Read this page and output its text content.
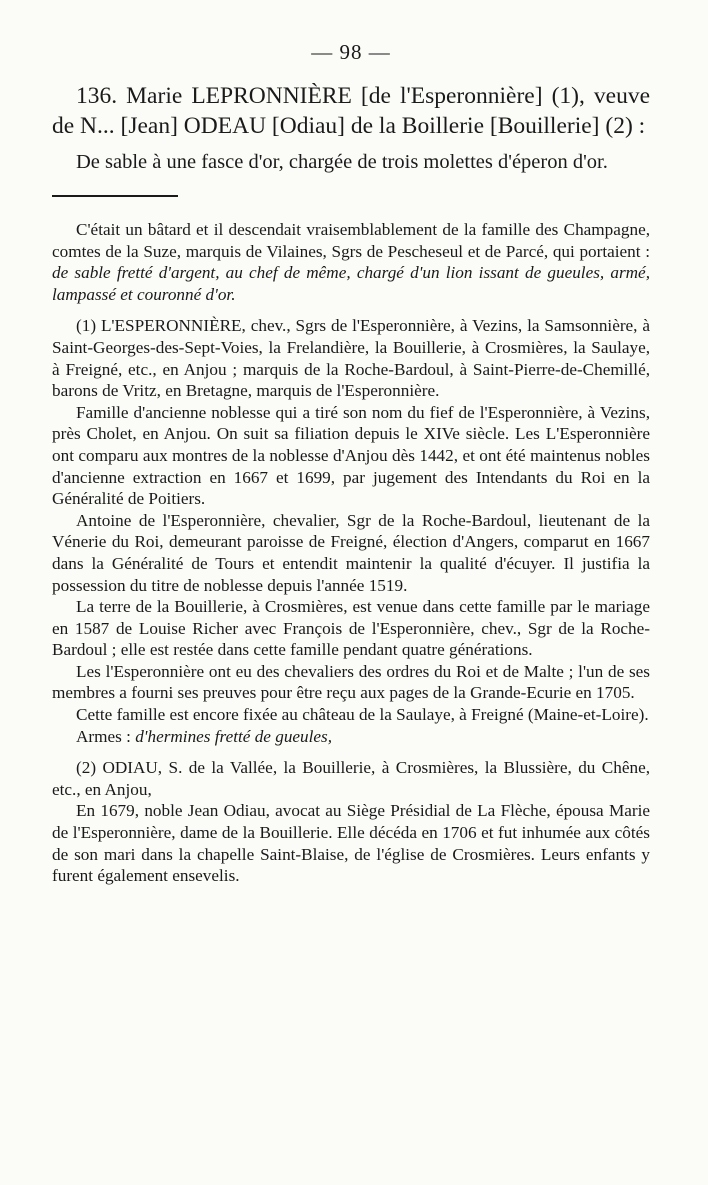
— 98 —

136. Marie LEPRONNIÈRE [de l'Esperonnière] (1), veuve de N... [Jean] ODEAU [Odiau] de la Boillerie [Bouillerie] (2) :

De sable à une fasce d'or, chargée de trois molettes d'éperon d'or.

C'était un bâtard et il descendait vraisemblablement de la famille des Champagne, comtes de la Suze, marquis de Vilaines, Sgrs de Pescheseul et de Parcé, qui portaient : de sable fretté d'argent, au chef de même, chargé d'un lion issant de gueules, armé, lampassé et couronné d'or.

(1) L'ESPERONNIÈRE, chev., Sgrs de l'Esperonnière, à Vezins, la Samsonnière, à Saint-Georges-des-Sept-Voies, la Frelandière, la Bouillerie, à Crosmières, la Saulaye, à Freigné, etc., en Anjou ; marquis de la Roche-Bardoul, à Saint-Pierre-de-Chemillé, barons de Vritz, en Bretagne, marquis de l'Esperonnière.

Famille d'ancienne noblesse qui a tiré son nom du fief de l'Esperonnière, à Vezins, près Cholet, en Anjou. On suit sa filiation depuis le XIVe siècle. Les L'Esperonnière ont comparu aux montres de la noblesse d'Anjou dès 1442, et ont été maintenus nobles d'ancienne extraction en 1667 et 1699, par jugement des Intendants du Roi en la Généralité de Poitiers.

Antoine de l'Esperonnière, chevalier, Sgr de la Roche-Bardoul, lieutenant de la Vénerie du Roi, demeurant paroisse de Freigné, élection d'Angers, comparut en 1667 dans la Généralité de Tours et entendit maintenir la qualité d'écuyer. Il justifia la possession du titre de noblesse depuis l'année 1519.

La terre de la Bouillerie, à Crosmières, est venue dans cette famille par le mariage en 1587 de Louise Richer avec François de l'Esperonnière, chev., Sgr de la Roche-Bardoul ; elle est restée dans cette famille pendant quatre générations.

Les l'Esperonnière ont eu des chevaliers des ordres du Roi et de Malte ; l'un de ses membres a fourni ses preuves pour être reçu aux pages de la Grande-Ecurie en 1705.

Cette famille est encore fixée au château de la Saulaye, à Freigné (Maine-et-Loire).

Armes : d'hermines fretté de gueules,

(2) ODIAU, S. de la Vallée, la Bouillerie, à Crosmières, la Blussière, du Chêne, etc., en Anjou,

En 1679, noble Jean Odiau, avocat au Siège Présidial de La Flèche, épousa Marie de l'Esperonnière, dame de la Bouillerie. Elle décéda en 1706 et fut inhumée aux côtés de son mari dans la chapelle Saint-Blaise, de l'église de Crosmières. Leurs enfants y furent également ensevelis.
